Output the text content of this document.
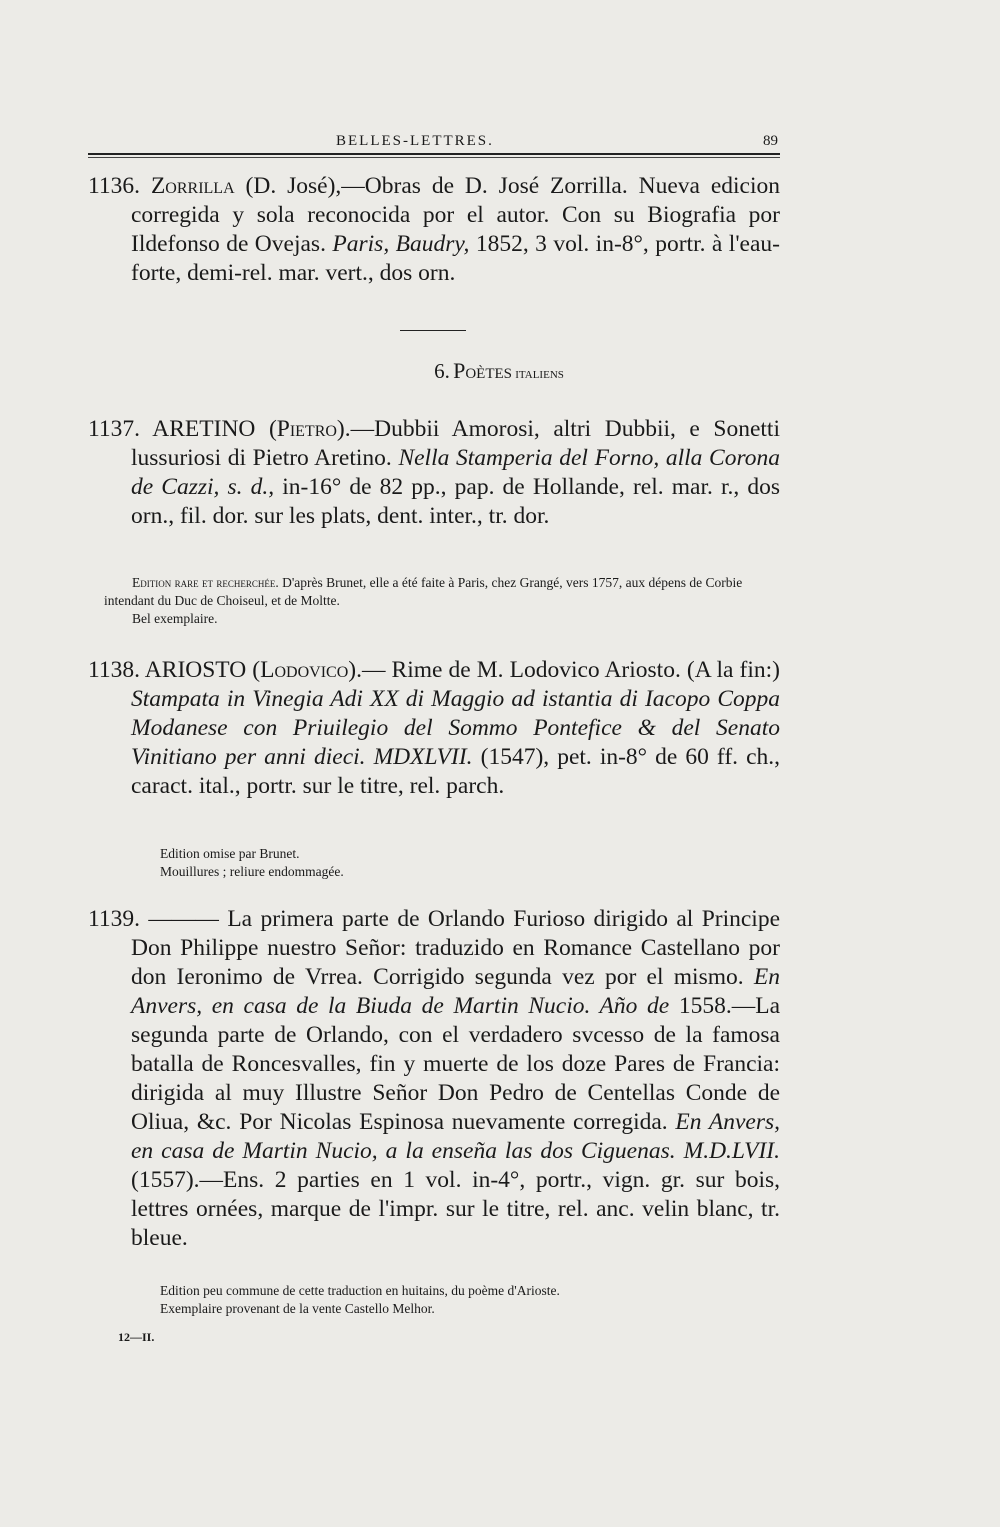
BELLES-LETTRES.	89

1136. Zorrilla (D. José),—Obras de D. José Zorrilla. Nueva edicion corregida y sola reconocida por el autor. Con su Biografia por Ildefonso de Ovejas. Paris, Baudry, 1852, 3 vol. in-8°, portr. à l'eau-forte, demi-rel. mar. vert., dos orn.

6. Poètes italiens

1137. ARETINO (Pietro).—Dubbii Amorosi, altri Dubbii, e Sonetti lussuriosi di Pietro Aretino. Nella Stamperia del Forno, alla Corona de Cazzi, s. d., in-16° de 82 pp., pap. de Hollande, rel. mar. r., dos orn., fil. dor. sur les plats, dent. inter., tr. dor.

Edition rare et recherchée. D'après Brunet, elle a été faite à Paris, chez Grangé, vers 1757, aux dépens de Corbie intendant du Duc de Choiseul, et de Moltte.

Bel exemplaire.

1138. ARIOSTO (Lodovico).— Rime de M. Lodovico Ariosto. (A la fin:) Stampata in Vinegia Adi XX di Maggio ad istantia di Iacopo Coppa Modanese con Priuilegio del Sommo Pontefice & del Senato Vinitiano per anni dieci. MDXLVII. (1547), pet. in-8° de 60 ff. ch., caract. ital., portr. sur le titre, rel. parch.

Edition omise par Brunet.

Mouillures ; reliure endommagée.

1139. ——— La primera parte de Orlando Furioso dirigido al Principe Don Philippe nuestro Señor: traduzido en Romance Castellano por don Ieronimo de Vrrea. Corrigido segunda vez por el mismo. En Anvers, en casa de la Biuda de Martin Nucio. Año de 1558.—La segunda parte de Orlando, con el verdadero svcesso de la famosa batalla de Roncesvalles, fin y muerte de los doze Pares de Francia: dirigida al muy Illustre Señor Don Pedro de Centellas Conde de Oliua, &c. Por Nicolas Espinosa nuevamente corregida. En Anvers, en casa de Martin Nucio, a la enseña las dos Ciguenas. M.D.LVII. (1557).—Ens. 2 parties en 1 vol. in-4°, portr., vign. gr. sur bois, lettres ornées, marque de l'impr. sur le titre, rel. anc. velin blanc, tr. bleue.

Edition peu commune de cette traduction en huitains, du poème d'Arioste.

Exemplaire provenant de la vente Castello Melhor.

12—II.
